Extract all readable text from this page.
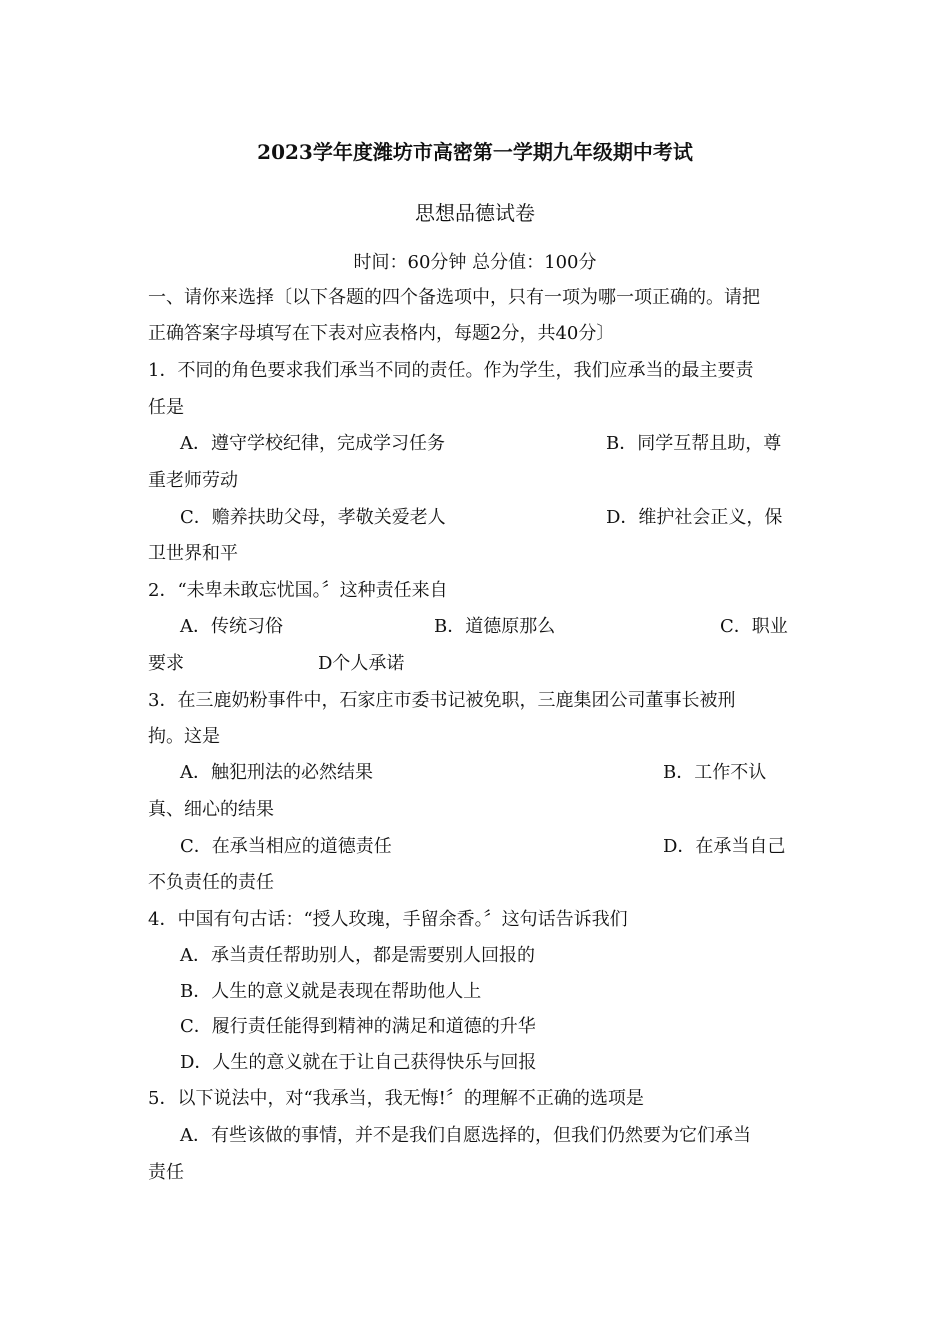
2023学年度潍坊市高密第一学期九年级期中考试
思想品德试卷
时间：60分钟 总分值：100分
一、请你来选择〔以下各题的四个备选项中，只有一项为哪一项正确的。请把
正确答案字母填写在下表对应表格内，每题2分，共40分〕
1．不同的角色要求我们承当不同的责任。作为学生，我们应承当的最主要责
任是
A．遵守学校纪律，完成学习任务	B．同学互帮且助，尊
重老师劳动
C．赡养扶助父母，孝敬关爱老人	D．维护社会正义，保
卫世界和平
2．“未卑未敢忘忧国。〞这种责任来自
A．传统习俗	B．道德原那么	C．职业
要求	D个人承诺
3．在三鹿奶粉事件中，石家庄市委书记被免职，三鹿集团公司董事长被刑
拘。这是
A．触犯刑法的必然结果	B．工作不认
真、细心的结果
C．在承当相应的道德责任	D．在承当自己
不负责任的责任
4．中国有句古话：“授人玫瑰，手留余香。〞这句话告诉我们
A．承当责任帮助别人，都是需要别人回报的
B．人生的意义就是表现在帮助他人上
C．履行责任能得到精神的满足和道德的升华
D．人生的意义就在于让自己获得快乐与回报
5．以下说法中，对“我承当，我无悔!〞的理解不正确的选项是
A．有些该做的事情，并不是我们自愿选择的，但我们仍然要为它们承当
责任
